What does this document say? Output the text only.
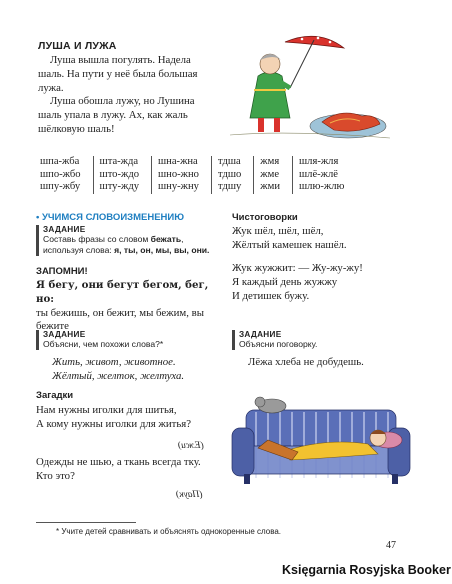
ЛУША И ЛУЖА

Луша вышла погулять. Надела шаль. На пути у неё была большая лужа.

Луша обошла лужу, но Лушина шаль упала в лужу. Ах, как жаль шёлковую шаль!

шпа-жба	шта-жда	шна-жна	тдша	жмя	шля-жля
шпо-жбо	што-ждо	шно-жно	тдшо	жме	шлё-жлё
шпу-жбу	шту-жду	шну-жну	тдшу	жми	шлю-жлю
• УЧИМСЯ СЛОВОИЗМЕНЕНИЮ
ЗАДАНИЕ
Составь фразы со словом бежать, используя слова: я, ты, он, мы, вы, они.
ЗАПОМНИ!
Я бегу, они бегут бегом, бег, но:
ты бежишь, он бежит, мы бежим, вы бежите
ЗАДАНИЕ
Объясни, чем похожи слова?*
Жить, живот, животное. Жёлтый, желток, желтуха.
Загадки
Нам нужны иголки для шитья,
А кому нужны иголки для житья?
(Ежи)
Одежды не шью, а ткань всегда тку.
Кто это?
(Паук)
Чистоговорки
Жук шёл, шёл, шёл,
Жёлтый камешек нашёл.
Жук жужжит: — Жу-жу-жу!
Я каждый день жужжу
И детишек бужу.
ЗАДАНИЕ
Объясни поговорку.
Лёжа хлеба не добудешь.
* Учите детей сравнивать и объяснять однокоренные слова.
47
Księgarnia Rosyjska Booker
